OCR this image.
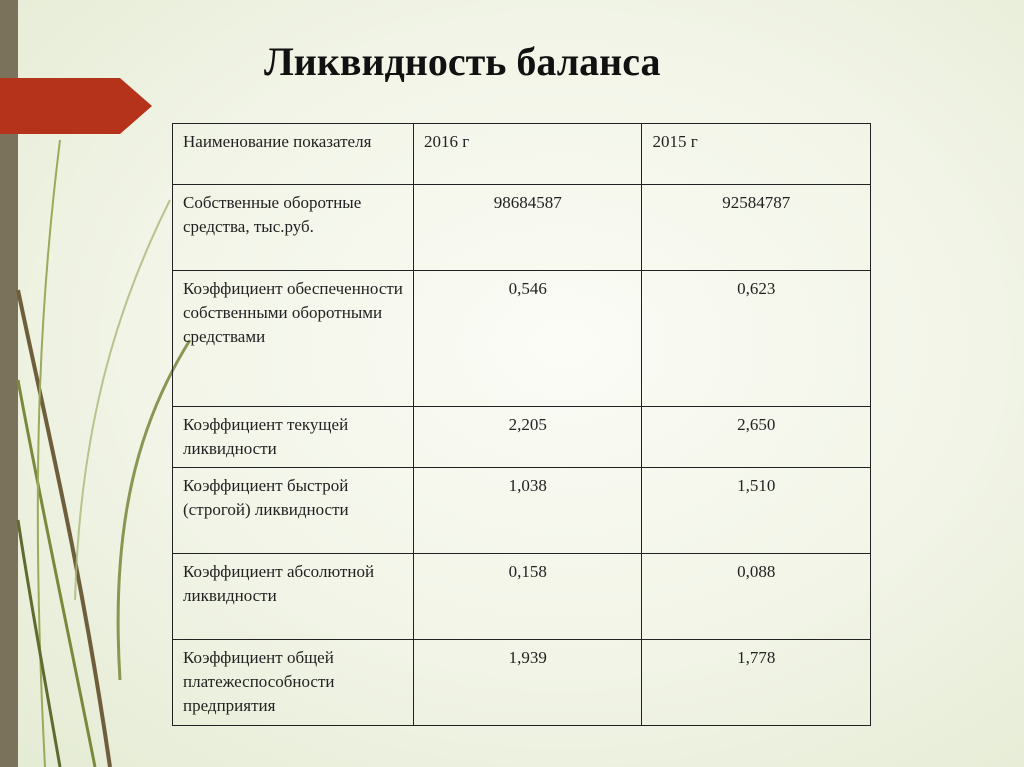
Ликвидность баланса
Наименование показателя	2016 г	2015 г
Собственные оборотные средства, тыс.руб.	98684587	92584787
Коэффициент обеспеченности собственными оборотными средствами	0,546	0,623
Коэффициент текущей ликвидности	2,205	2,650
Коэффициент быстрой (строгой) ликвидности	1,038	1,510
Коэффициент абсолютной ликвидности	0,158	0,088
Коэффициент общей платежеспособности предприятия	1,939	1,778
